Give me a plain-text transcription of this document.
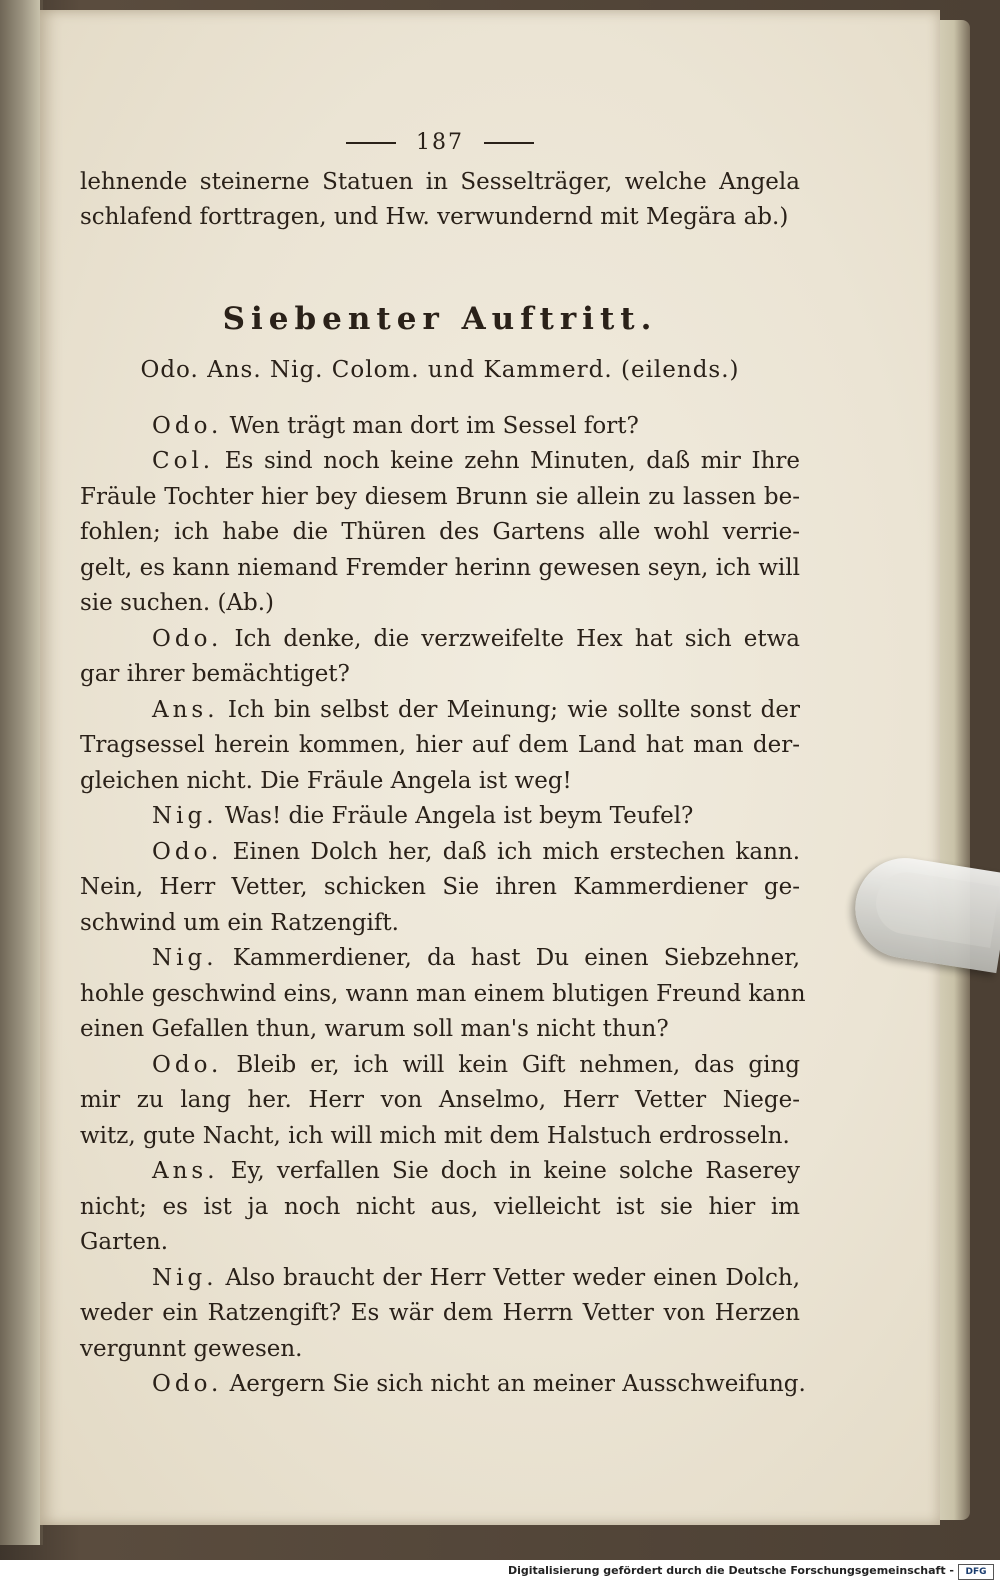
187
lehnende steinerne Statuen in Sesselträger, welche Angela
schlafend forttragen, und Hw. verwundernd mit Megära ab.)
Siebenter Auftritt.
Odo. Ans. Nig. Colom. und Kammerd. (eilends.)
Odo. Wen trägt man dort im Sessel fort?
Col. Es sind noch keine zehn Minuten, daß mir Ihre
Fräule Tochter hier bey diesem Brunn sie allein zu lassen be-
fohlen; ich habe die Thüren des Gartens alle wohl verrie-
gelt, es kann niemand Fremder herinn gewesen seyn, ich will
sie suchen. (Ab.)
Odo. Ich denke, die verzweifelte Hex hat sich etwa
gar ihrer bemächtiget?
Ans. Ich bin selbst der Meinung; wie sollte sonst der
Tragsessel herein kommen, hier auf dem Land hat man der-
gleichen nicht. Die Fräule Angela ist weg!
Nig. Was! die Fräule Angela ist beym Teufel?
Odo. Einen Dolch her, daß ich mich erstechen kann.
Nein, Herr Vetter, schicken Sie ihren Kammerdiener ge-
schwind um ein Ratzengift.
Nig. Kammerdiener, da hast Du einen Siebzehner,
hohle geschwind eins, wann man einem blutigen Freund kann
einen Gefallen thun, warum soll man's nicht thun?
Odo. Bleib er, ich will kein Gift nehmen, das ging
mir zu lang her. Herr von Anselmo, Herr Vetter Niege-
witz, gute Nacht, ich will mich mit dem Halstuch erdrosseln.
Ans. Ey, verfallen Sie doch in keine solche Raserey
nicht; es ist ja noch nicht aus, vielleicht ist sie hier im
Garten.
Nig. Also braucht der Herr Vetter weder einen Dolch,
weder ein Ratzengift? Es wär dem Herrn Vetter von Herzen
vergunnt gewesen.
Odo. Aergern Sie sich nicht an meiner Ausschweifung.
Digitalisierung gefördert durch die Deutsche Forschungsgemeinschaft -	DFG
